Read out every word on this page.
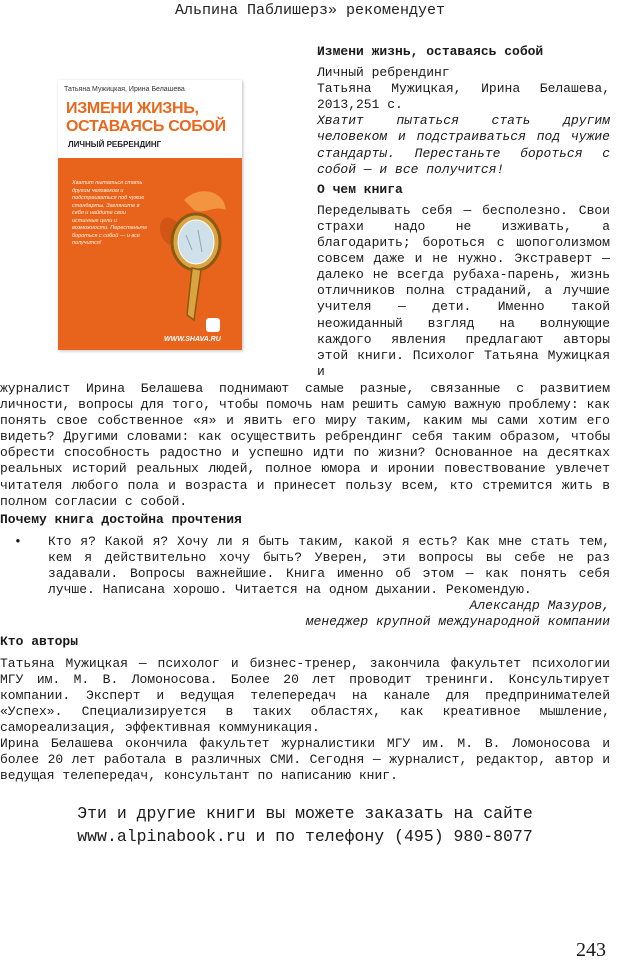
Альпина Паблишерз» рекомендует
Татьяна Мужицкая, Ирина Белашева
ИЗМЕНИ ЖИЗНЬ, ОСТАВАЯСЬ СОБОЙ
ЛИЧНЫЙ РЕБРЕНДИНГ
Хватит пытаться стать другим человеком и подстраиваться под чужие стандарты. Загляните в себя и найдите свои истинные цели и возможности. Перестаньте бороться с собой — и все получится!
WWW.SHAVA.RU

Измени жизнь, оставаясь собой

Личный ребрендинг

Татьяна Мужицкая, Ирина Белашева, 2013,251 с.

Хватит пытаться стать другим человеком и подстраиваться под чужие стандарты. Перестаньте бороться с собой — и все получится!

О чем книга

Переделывать себя — бесполезно. Свои страхи надо не изживать, а благодарить; бороться с шопоголизмом совсем даже и не нужно. Экстраверт — далеко не всегда рубаха-парень, жизнь отличников полна страданий, а лучшие учителя — дети. Именно такой неожиданный взгляд на волнующие каждого явления предлагают авторы этой книги. Психолог Татьяна Мужицкая и

журналист Ирина Белашева поднимают самые разные, связанные с развитием личности, вопросы для того, чтобы помочь нам решить самую важную проблему: как понять свое собственное «я» и явить его миру таким, каким мы сами хотим его видеть? Другими словами: как осуществить ребрендинг себя таким образом, чтобы обрести способность радостно и успешно идти по жизни? Основанное на десятках реальных историй реальных людей, полное юмора и иронии повествование увлечет читателя любого пола и возраста и принесет пользу всем, кто стремится жить в полном согласии с собой.

Почему книга достойна прочтения
• Кто я? Какой я? Хочу ли я быть таким, какой я есть? Как мне стать тем, кем я действительно хочу быть? Уверен, эти вопросы вы себе не раз задавали. Вопросы важнейшие. Книга именно об этом — как понять себя лучше. Написана хорошо. Читается на одном дыхании. Рекомендую.
Александр Мазуров,
менеджер крупной международной компании
Кто авторы

Татьяна Мужицкая — психолог и бизнес-тренер, закончила факультет психологии МГУ им. М. В. Ломоносова. Более 20 лет проводит тренинги. Консультирует компании. Эксперт и ведущая телепередач на канале для предпринимателей «Успех». Специализируется в таких областях, как креативное мышление, самореализация, эффективная коммуникация.

Ирина Белашева окончила факультет журналистики МГУ им. М. В. Ломоносова и более 20 лет работала в различных СМИ. Сегодня — журналист, редактор, автор и ведущая телепередач, консультант по написанию книг.

Эти и другие книги вы можете заказать на сайте
www.alpinabook.ru и по телефону (495) 980-8077
243
